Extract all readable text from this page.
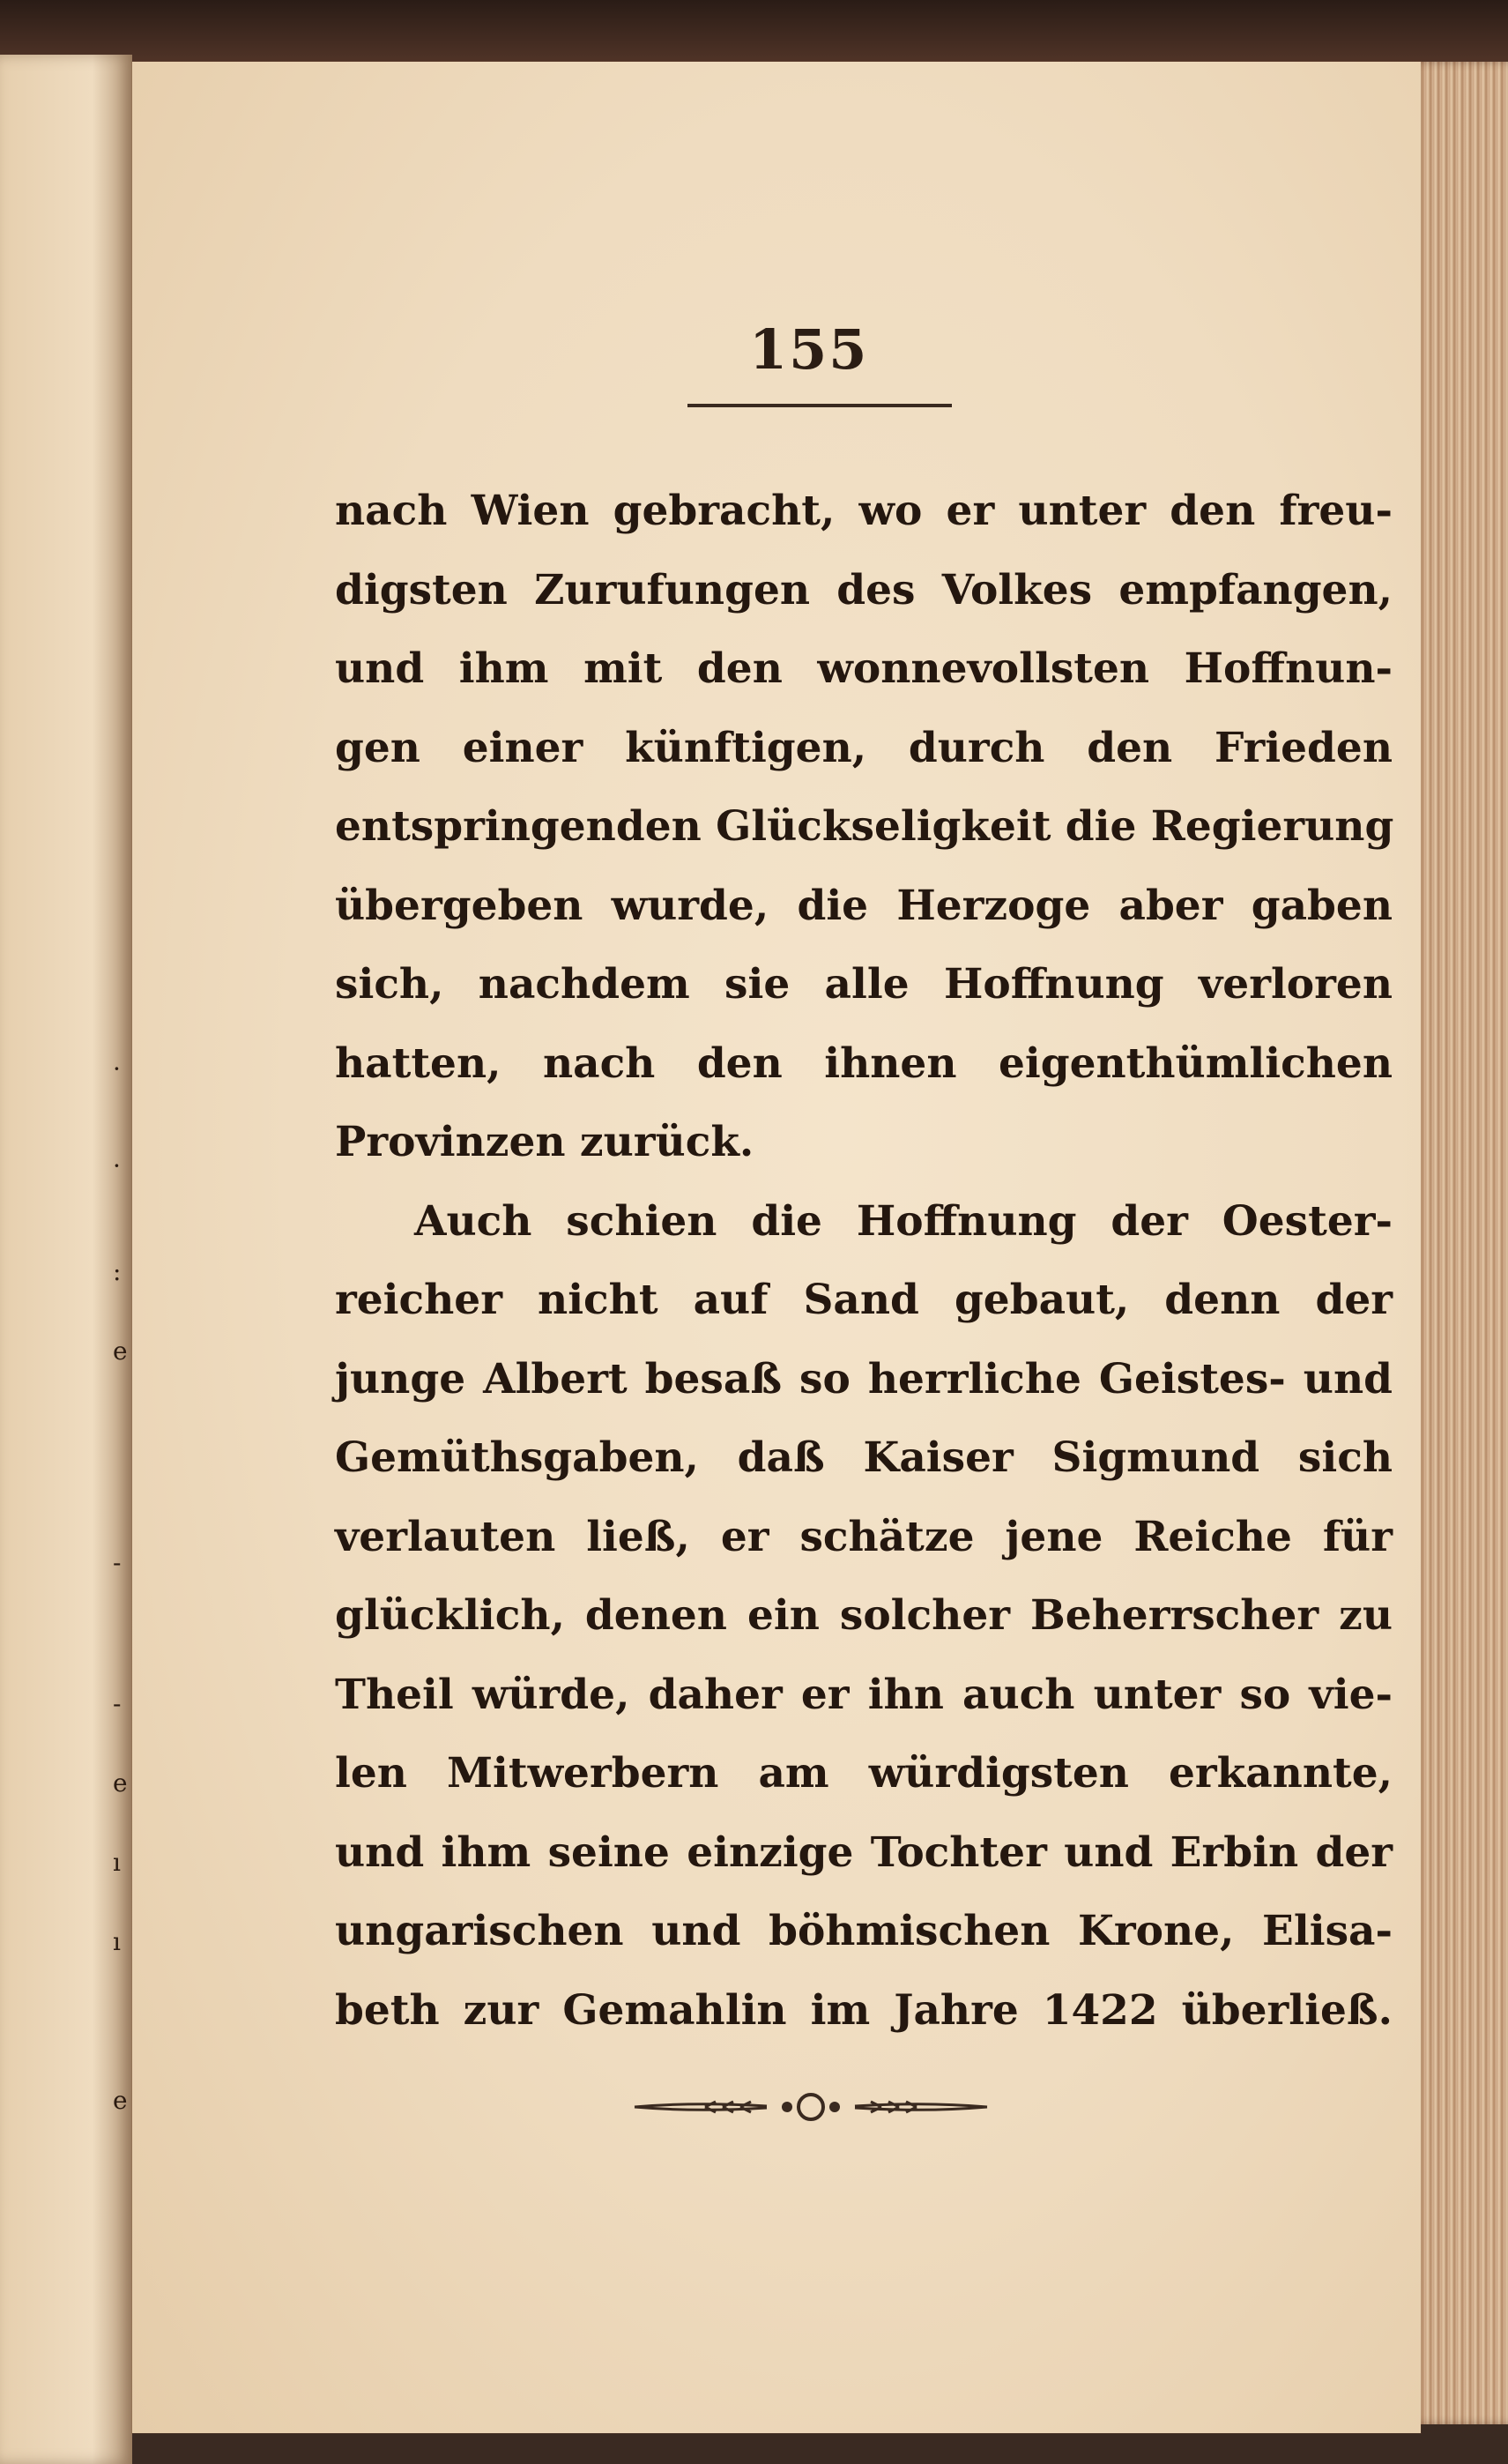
·
·
:
e
-
-
e
ı
ı
e
155
nach Wien gebracht, wo er unter den freu-
digsten Zurufungen des Volkes empfangen,
und ihm mit den wonnevollsten Hoffnun-
gen einer künftigen, durch den Frieden
entspringenden Glückseligkeit die Regierung
übergeben wurde, die Herzoge aber gaben
sich, nachdem sie alle Hoffnung verloren
hatten, nach den ihnen eigenthümlichen
Provinzen zurück.
Auch schien die Hoffnung der Oester-
reicher nicht auf Sand gebaut, denn der
junge Albert besaß so herrliche Geistes- und
Gemüthsgaben, daß Kaiser Sigmund sich
verlauten ließ, er schätze jene Reiche für
glücklich, denen ein solcher Beherrscher zu
Theil würde, daher er ihn auch unter so vie-
len Mitwerbern am würdigsten erkannte,
und ihm seine einzige Tochter und Erbin der
ungarischen und böhmischen Krone, Elisa-
beth zur Gemahlin im Jahre 1422 überließ.
